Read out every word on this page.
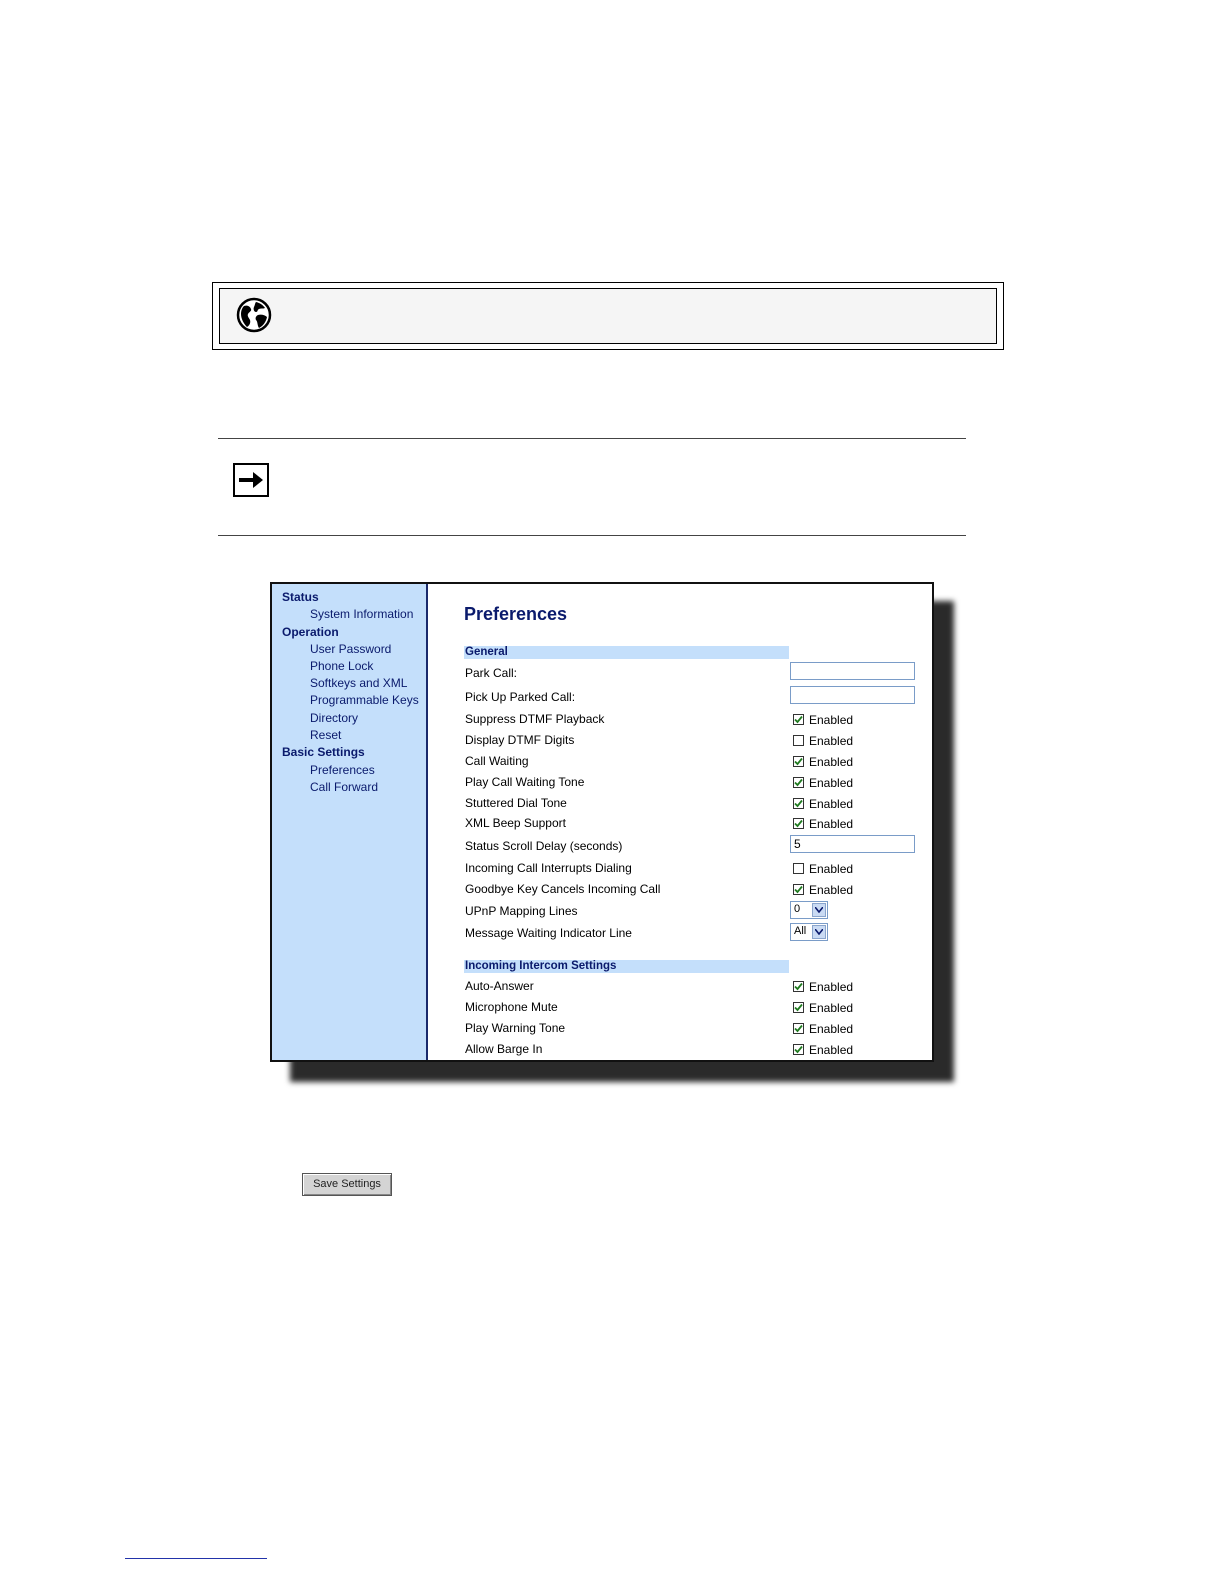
Status
System Information
Operation
User Password
Phone Lock
Softkeys and XML
Programmable Keys
Directory
Reset
Basic Settings
Preferences
Call Forward
Preferences
General
Park Call:
Pick Up Parked Call:
Suppress DTMF Playback	Enabled
Display DTMF Digits	Enabled
Call Waiting	Enabled
Play Call Waiting Tone	Enabled
Stuttered Dial Tone	Enabled
XML Beep Support	Enabled
Status Scroll Delay (seconds)	5
Incoming Call Interrupts Dialing	Enabled
Goodbye Key Cancels Incoming Call	Enabled
UPnP Mapping Lines	0
Message Waiting Indicator Line	All
Incoming Intercom Settings
Auto-Answer	Enabled
Microphone Mute	Enabled
Play Warning Tone	Enabled
Allow Barge In	Enabled
Save Settings
